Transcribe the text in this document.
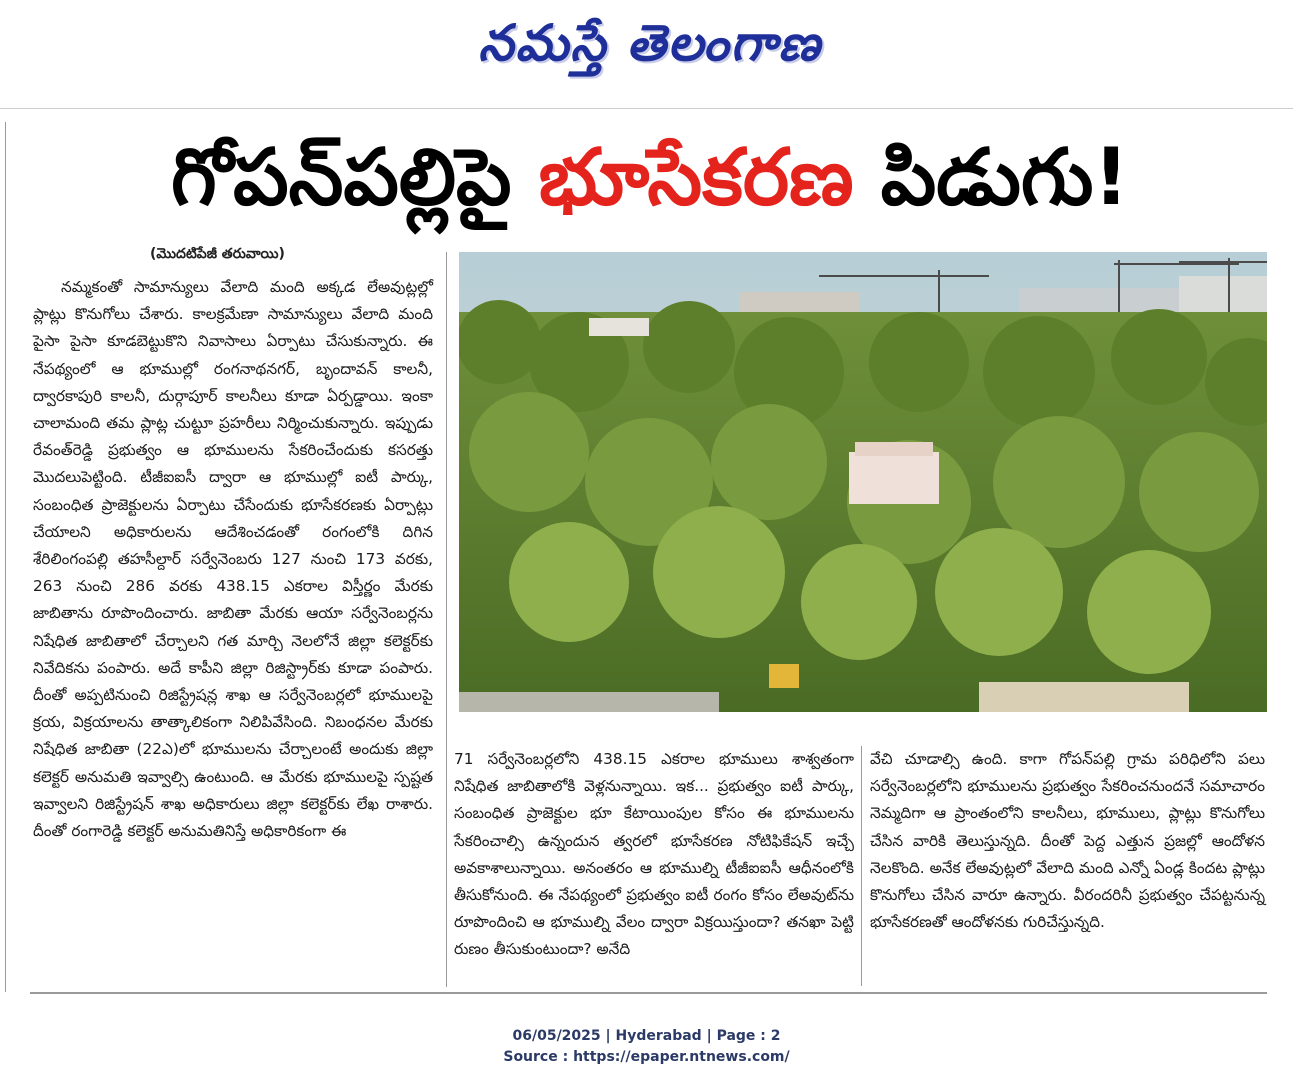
నమస్తే తెలంగాణ
గోపన్‌పల్లిపై భూసేకరణ పిడుగు!
(మొదటిపేజీ తరువాయి)

నమ్మకంతో సామాన్యులు వేలాది మంది అక్కడ లేఅవుట్లల్లో ప్లాట్లు కొనుగోలు చేశారు. కాలక్రమేణా సామాన్యులు వేలాది మంది పైసా పైసా కూడబెట్టుకొని నివాసాలు ఏర్పాటు చేసుకున్నారు. ఈ నేపథ్యంలో ఆ భూముల్లో రంగనాథనగర్, బృందావన్ కాలనీ, ద్వారకాపురి కాలనీ, దుర్గాపూర్ కాలనీలు కూడా ఏర్పడ్డాయి. ఇంకా చాలామంది తమ ప్లాట్ల చుట్టూ ప్రహరీలు నిర్మించుకున్నారు. ఇప్పుడు రేవంత్‌రెడ్డి ప్రభుత్వం ఆ భూములను సేకరించేందుకు కసరత్తు మొదలుపెట్టింది. టీజీఐఐసీ ద్వారా ఆ భూముల్లో ఐటీ పార్కు, సంబంధిత ప్రాజెక్టులను ఏర్పాటు చేసేందుకు భూసేకరణకు ఏర్పాట్లు చేయాలని అధికారులను ఆదేశించడంతో రంగంలోకి దిగిన శేరిలింగంపల్లి తహసీల్దార్ సర్వేనెంబరు 127 నుంచి 173 వరకు, 263 నుంచి 286 వరకు 438.15 ఎకరాల విస్తీర్ణం మేరకు జాబితాను రూపొందించారు. జాబితా మేరకు ఆయా సర్వేనెంబర్లను నిషేధిత జాబితాలో చేర్చాలని గత మార్చి నెలలోనే జిల్లా కలెక్టర్‌కు నివేదికను పంపారు. అదే కాపీని జిల్లా రిజిస్ట్రార్‌కు కూడా పంపారు. దీంతో అప్పటినుంచి రిజిస్ట్రేషన్ల శాఖ ఆ సర్వేనెంబర్లలో భూములపై క్రయ, విక్రయాలను తాత్కాలికంగా నిలిపివేసింది. నిబంధనల మేరకు నిషేధిత జాబితా (22ఎ)లో భూములను చేర్చాలంటే అందుకు జిల్లా కలెక్టర్ అనుమతి ఇవ్వాల్సి ఉంటుంది. ఆ మేరకు భూములపై స్పష్టత ఇవ్వాలని రిజిస్ట్రేషన్ శాఖ అధికారులు జిల్లా కలెక్టర్‌కు లేఖ రాశారు. దీంతో రంగారెడ్డి కలెక్టర్ అనుమతినిస్తే అధికారికంగా ఈ

71 సర్వేనెంబర్లలోని 438.15 ఎకరాల భూములు శాశ్వతంగా నిషేధిత జాబితాలోకి వెళ్లనున్నాయి. ఇక... ప్రభుత్వం ఐటీ పార్కు, సంబంధిత ప్రాజెక్టుల భూ కేటాయింపుల కోసం ఈ భూములను సేకరించాల్సి ఉన్నందున త్వరలో భూసేకరణ నోటిఫికేషన్ ఇచ్చే అవకాశాలున్నాయి. అనంతరం ఆ భూముల్ని టీజీఐఐసీ ఆధీనంలోకి తీసుకోనుంది. ఈ నేపథ్యంలో ప్రభుత్వం ఐటీ రంగం కోసం లేఅవుట్‌ను రూపొందించి ఆ భూముల్ని వేలం ద్వారా విక్రయిస్తుందా? తనఖా పెట్టి రుణం తీసుకుంటుందా? అనేది

వేచి చూడాల్సి ఉంది. కాగా గోపన్‌పల్లి గ్రామ పరిధిలోని పలు సర్వేనెంబర్లలోని భూములను ప్రభుత్వం సేకరించనుందనే సమాచారం నెమ్మదిగా ఆ ప్రాంతంలోని కాలనీలు, భూములు, ప్లాట్లు కొనుగోలు చేసిన వారికి తెలుస్తున్నది. దీంతో పెద్ద ఎత్తున ప్రజల్లో ఆందోళన నెలకొంది. అనేక లేఅవుట్లలో వేలాది మంది ఎన్నో ఏండ్ల కిందట ప్లాట్లు కొనుగోలు చేసిన వారూ ఉన్నారు. వీరందరినీ ప్రభుత్వం చేపట్టనున్న భూసేకరణతో ఆందోళనకు గురిచేస్తున్నది.

06/05/2025 | Hyderabad | Page : 2
Source : https://epaper.ntnews.com/
